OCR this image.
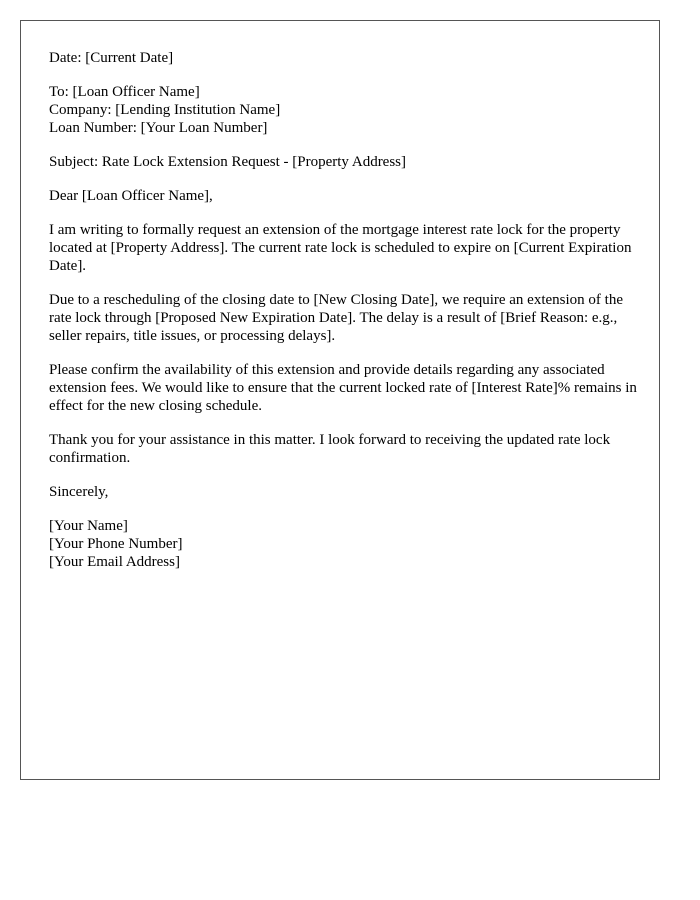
Date: [Current Date]

To: [Loan Officer Name]
Company: [Lending Institution Name]
Loan Number: [Your Loan Number]

Subject: Rate Lock Extension Request - [Property Address]

Dear [Loan Officer Name],

I am writing to formally request an extension of the mortgage interest rate lock for the property located at [Property Address]. The current rate lock is scheduled to expire on [Current Expiration Date].

Due to a rescheduling of the closing date to [New Closing Date], we require an extension of the rate lock through [Proposed New Expiration Date]. The delay is a result of [Brief Reason: e.g., seller repairs, title issues, or processing delays].

Please confirm the availability of this extension and provide details regarding any associated extension fees. We would like to ensure that the current locked rate of [Interest Rate]% remains in effect for the new closing schedule.

Thank you for your assistance in this matter. I look forward to receiving the updated rate lock confirmation.

Sincerely,

[Your Name]
[Your Phone Number]
[Your Email Address]
